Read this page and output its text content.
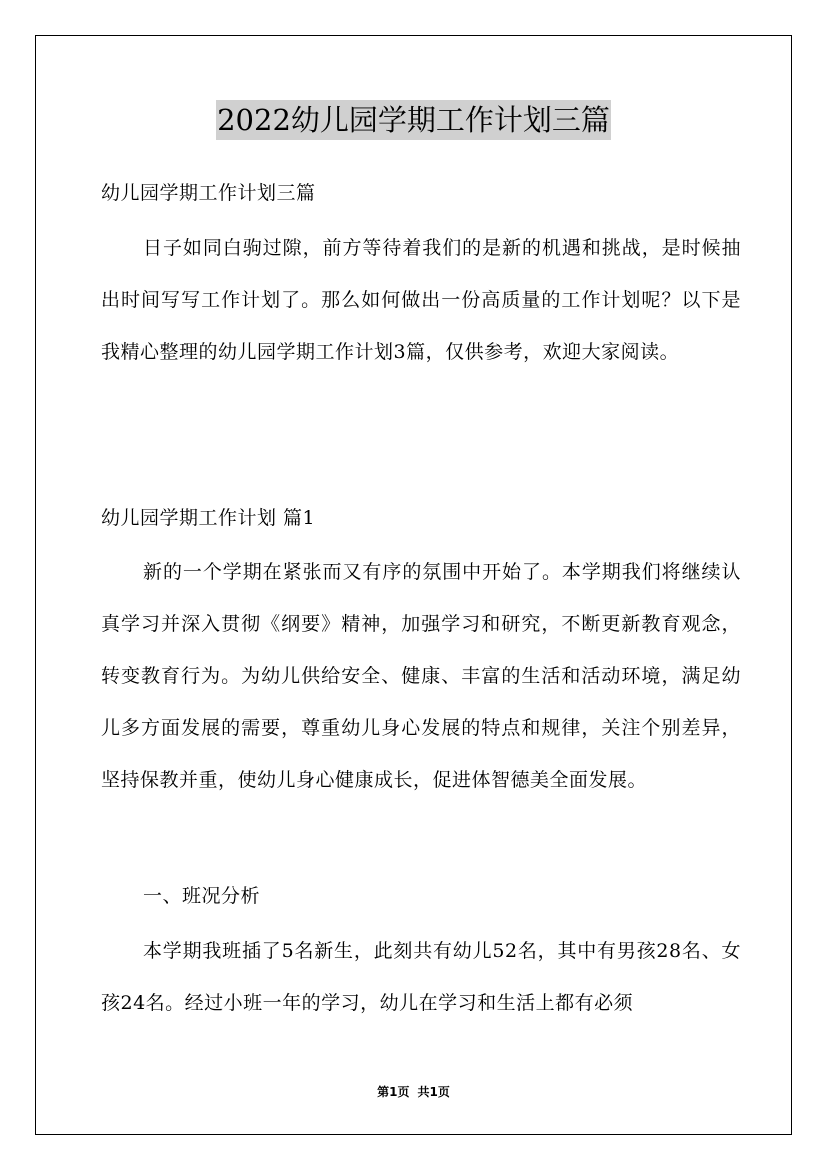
2022幼儿园学期工作计划三篇

幼儿园学期工作计划三篇

日子如同白驹过隙，前方等待着我们的是新的机遇和挑战，是时候抽出时间写写工作计划了。那么如何做出一份高质量的工作计划呢？以下是我精心整理的幼儿园学期工作计划3篇，仅供参考，欢迎大家阅读。

幼儿园学期工作计划 篇1

新的一个学期在紧张而又有序的氛围中开始了。本学期我们将继续认真学习并深入贯彻《纲要》精神，加强学习和研究，不断更新教育观念，转变教育行为。为幼儿供给安全、健康、丰富的生活和活动环境，满足幼儿多方面发展的需要，尊重幼儿身心发展的特点和规律，关注个别差异，坚持保教并重，使幼儿身心健康成长，促进体智德美全面发展。

一、班况分析

本学期我班插了5名新生，此刻共有幼儿52名，其中有男孩28名、女孩24名。经过小班一年的学习，幼儿在学习和生活上都有必须

第1页 共1页
